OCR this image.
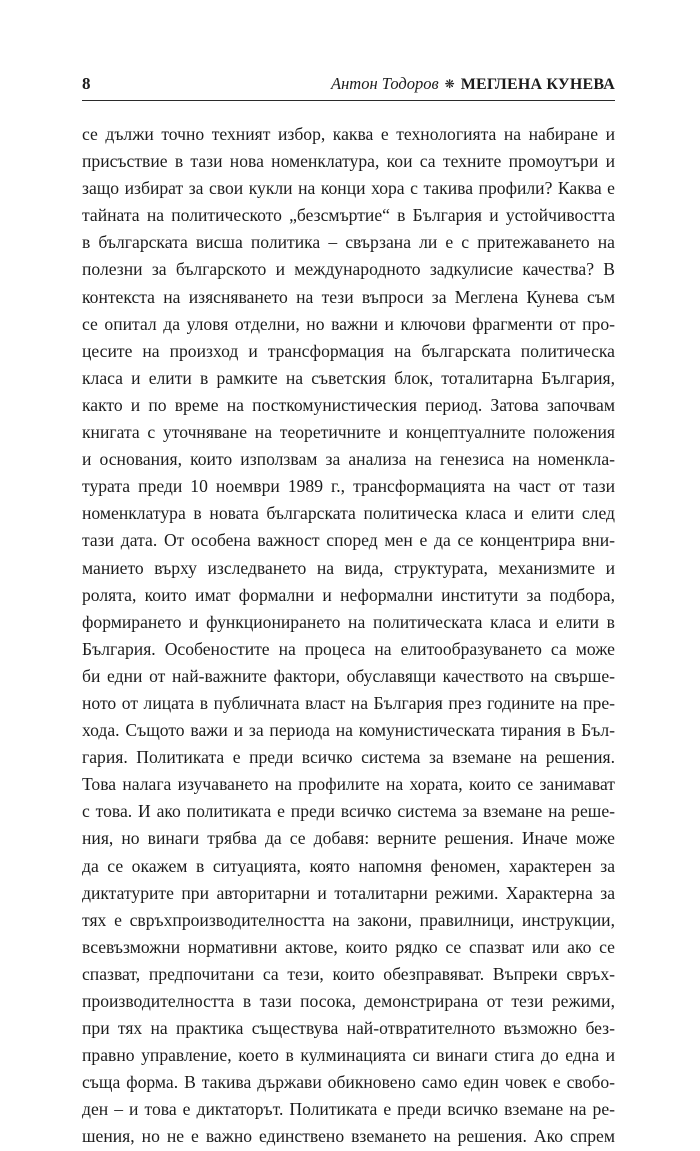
8	Антон Тодоров ❋ МЕГЛЕНА КУНЕВА
се дължи точно техният избор, каква е технологията на набиране и
присъствие в тази нова номенклатура, кои са техните промоутъри и
защо избират за свои кукли на конци хора с такива профили? Каква е
тайната на политическото „безсмъртие“ в България и устойчивостта
в българската висша политика – свързана ли е с притежаването на
полезни за българското и международното задкулисие качества? В
контекста на изясняването на тези въпроси за Меглена Кунева съм
се опитал да уловя отделни, но важни и ключови фрагменти от про-
цесите на произход и трансформация на българската политическа
класа и елити в рамките на съветския блок, тоталитарна България,
както и по време на посткомунистическия период. Затова започвам
книгата с уточняване на теоретичните и концептуалните положения
и основания, които използвам за анализа на генезиса на номенкла-
турата преди 10 ноември 1989 г., трансформацията на част от тази
номенклатура в новата българската политическа класа и елити след
тази дата. От особена важност според мен е да се концентрира вни-
манието върху изследването на вида, структурата, механизмите и
ролята, които имат формални и неформални институти за подбора,
формирането и функционирането на политическата класа и елити в
България. Особеностите на процеса на елитообразуването са може
би едни от най-важните фактори, обуславящи качеството на свършe-
ното от лицата в публичната власт на България през годините на пре-
хода. Същото важи и за периода на комунистическата тирания в Бъл-
гария. Политиката е преди всичко система за вземане на решения.
Това налага изучаването на профилите на хората, които се занимават
с това. И ако политиката е преди всичко система за вземане на реше-
ния, но винаги трябва да се добавя: верните решения. Иначе може
да се окажем в ситуацията, която напомня феномен, характерен за
диктатурите при авторитарни и тоталитарни режими. Характерна за
тях е свръхпроизводителността на закони, правилници, инструкции,
всевъзможни нормативни актове, които рядко се спазват или ако се
спазват, предпочитани са тези, които обезправяват. Въпреки свръх-
производителността в тази посока, демонстрирана от тези режими,
при тях на практика съществува най-отвратителното възможно без-
правно управление, което в кулминацията си винаги стига до една и
съща форма. В такива държави обикновено само един човек е свобо-
ден – и това е диктаторът. Политиката е преди всичко вземане на ре-
шения, но не е важно единствено вземането на решения. Ако спрем
